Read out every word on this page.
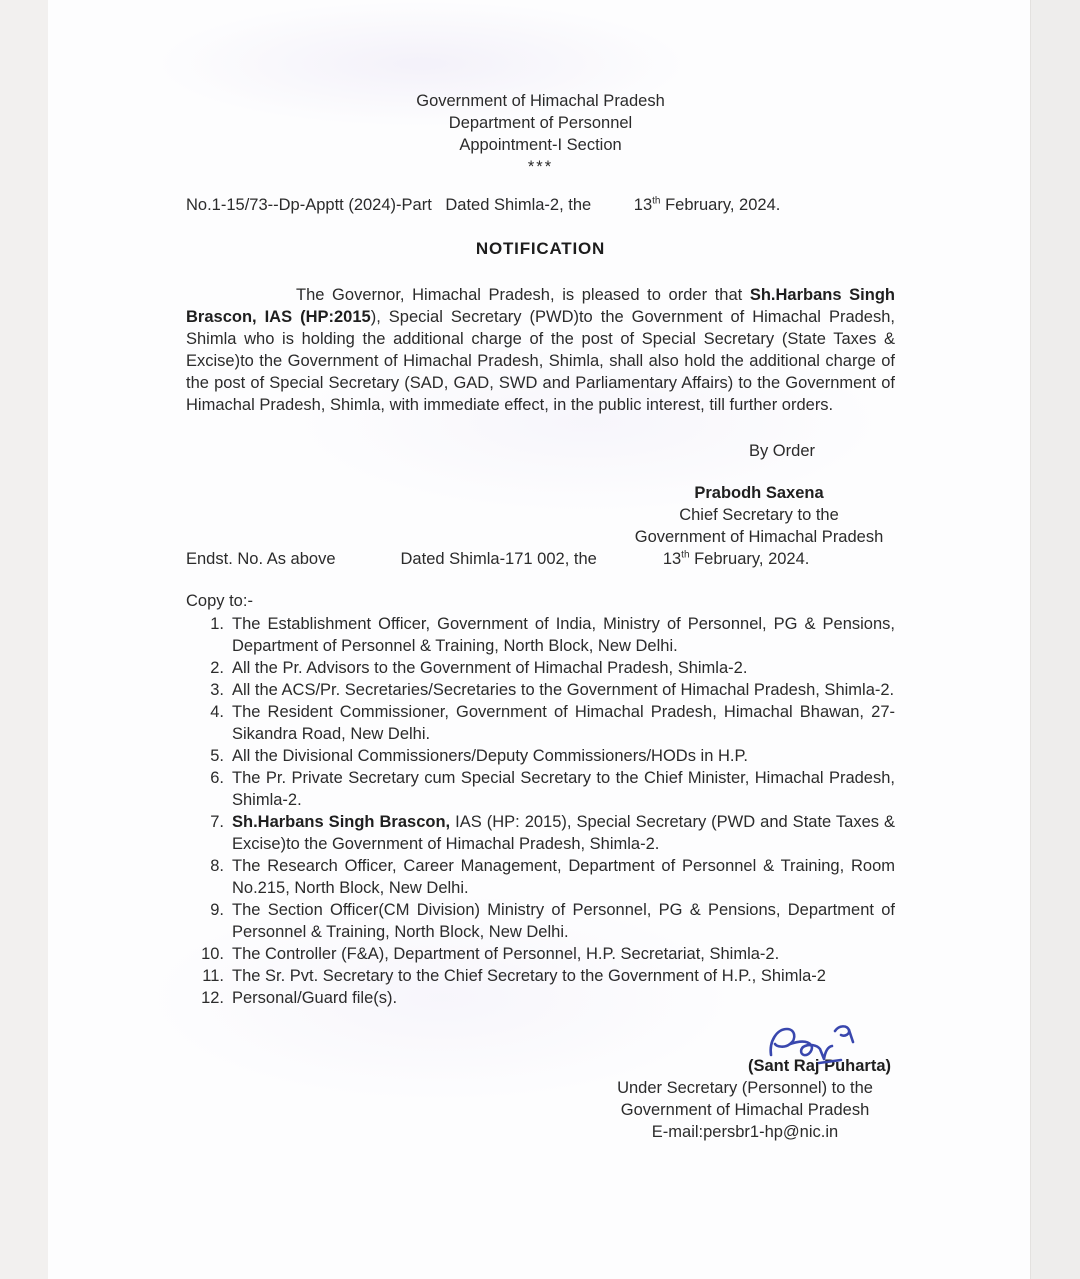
Government of Himachal Pradesh
Department of Personnel
Appointment-I Section
***
No.1-15/73--Dp-Apptt (2024)-Part Dated Shimla-2, the	13th February, 2024.
NOTIFICATION

The Governor, Himachal Pradesh, is pleased to order that Sh.Harbans Singh Brascon, IAS (HP:2015), Special Secretary (PWD)to the Government of Himachal Pradesh, Shimla who is holding the additional charge of the post of Special Secretary (State Taxes & Excise)to the Government of Himachal Pradesh, Shimla, shall also hold the additional charge of the post of Special Secretary (SAD, GAD, SWD and Parliamentary Affairs) to the Government of Himachal Pradesh, Shimla, with immediate effect, in the public interest, till further orders.

By Order
Prabodh Saxena
Chief Secretary to the
Government of Himachal Pradesh
Endst. No. As above	Dated Shimla-171 002, the	13th February, 2024.
Copy to:-
1. The Establishment Officer, Government of India, Ministry of Personnel, PG & Pensions, Department of Personnel & Training, North Block, New Delhi.
2. All the Pr. Advisors to the Government of Himachal Pradesh, Shimla-2.
3. All the ACS/Pr. Secretaries/Secretaries to the Government of Himachal Pradesh, Shimla-2.
4. The Resident Commissioner, Government of Himachal Pradesh, Himachal Bhawan, 27-Sikandra Road, New Delhi.
5. All the Divisional Commissioners/Deputy Commissioners/HODs in H.P.
6. The Pr. Private Secretary cum Special Secretary to the Chief Minister, Himachal Pradesh, Shimla-2.
7. Sh.Harbans Singh Brascon, IAS (HP: 2015), Special Secretary (PWD and State Taxes & Excise)to the Government of Himachal Pradesh, Shimla-2.
8. The Research Officer, Career Management, Department of Personnel & Training, Room No.215, North Block, New Delhi.
9. The Section Officer(CM Division) Ministry of Personnel, PG & Pensions, Department of Personnel & Training, North Block, New Delhi.
10. The Controller (F&A), Department of Personnel, H.P. Secretariat, Shimla-2.
11. The Sr. Pvt. Secretary to the Chief Secretary to the Government of H.P., Shimla-2
12. Personal/Guard file(s).
(Sant Raj Puharta)
Under Secretary (Personnel) to the
Government of Himachal Pradesh
E-mail:persbr1-hp@nic.in
